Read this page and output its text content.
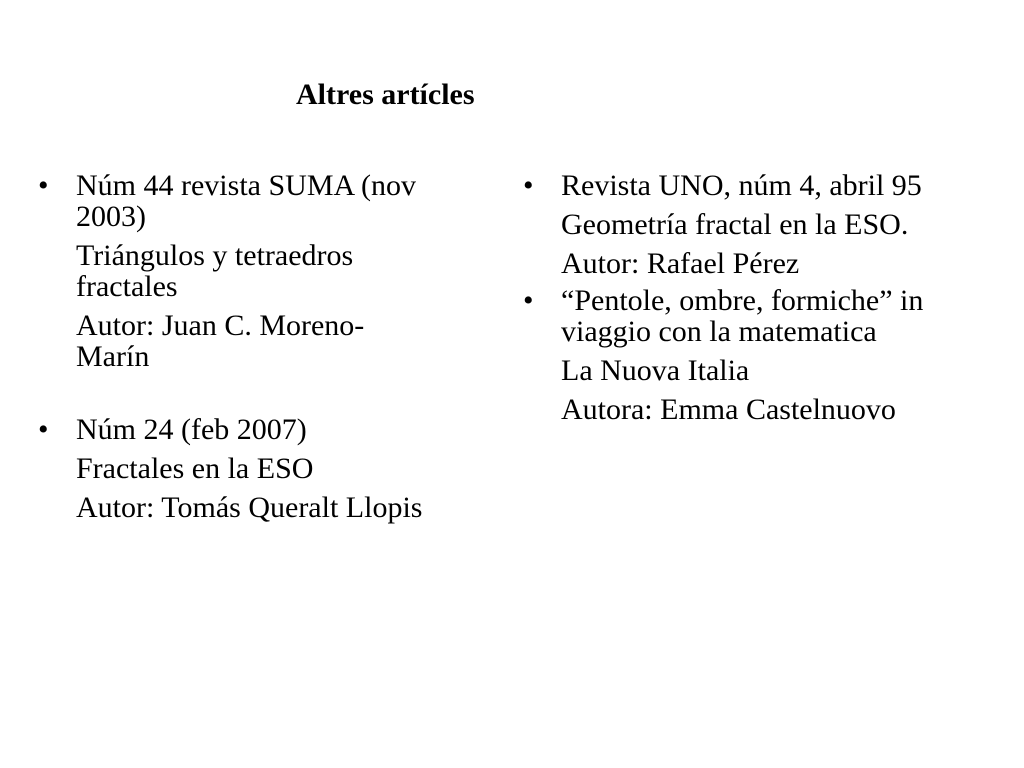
Altres artícles
• Núm 44 revista SUMA (nov 2003)
Triángulos y tetraedros fractales
Autor: Juan C. Moreno-Marín
• Núm 24 (feb 2007)
Fractales en la ESO
Autor: Tomás Queralt Llopis
• Revista UNO, núm 4, abril 95
Geometría fractal en la ESO.
Autor: Rafael Pérez
• “Pentole, ombre, formiche” in viaggio con la matematica
La Nuova Italia
Autora: Emma Castelnuovo
